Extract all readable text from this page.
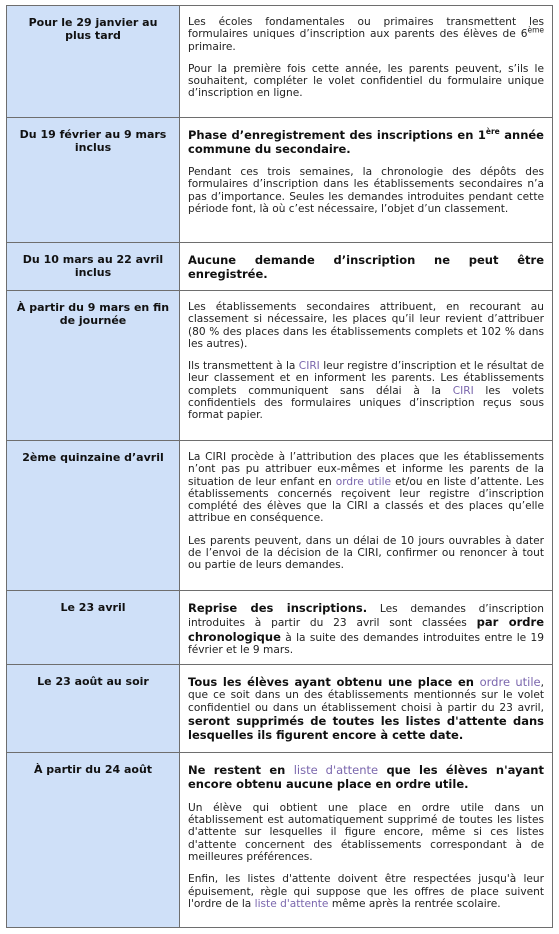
Pour le 29 janvier au plus tard	Les écoles fondamentales ou primaires transmettent les formulaires uniques d’inscription aux parents des élèves de 6ème primaire.

Pour la première fois cette année, les parents peuvent, s’ils le souhaitent, compléter le volet confidentiel du formulaire unique d’inscription en ligne.

Du 19 février au 9 mars inclus	Phase d’enregistrement des inscriptions en 1ère année commune du secondaire.

Pendant ces trois semaines, la chronologie des dépôts des formulaires d’inscription dans les établissements secondaires n’a pas d’importance. Seules les demandes introduites pendant cette période font, là où c’est nécessaire, l’objet d’un classement.

Du 10 mars au 22 avril inclus	Aucune demande d’inscription ne peut être enregistrée.

À partir du 9 mars en fin de journée	Les établissements secondaires attribuent, en recourant au classement si nécessaire, les places qu’il leur revient d’attribuer (80 % des places dans les établissements complets et 102 % dans les autres).

Ils transmettent à la CIRI leur registre d’inscription et le résultat de leur classement et en informent les parents. Les établissements complets communiquent sans délai à la CIRI les volets confidentiels des formulaires uniques d’inscription reçus sous format papier.

2ème quinzaine d’avril	La CIRI procède à l’attribution des places que les établissements n’ont pas pu attribuer eux-mêmes et informe les parents de la situation de leur enfant en ordre utile et/ou en liste d’attente. Les établissements concernés reçoivent leur registre d’inscription complété des élèves que la CIRI a classés et des places qu’elle attribue en conséquence.

Les parents peuvent, dans un délai de 10 jours ouvrables à dater de l’envoi de la décision de la CIRI, confirmer ou renoncer à tout ou partie de leurs demandes.

Le 23 avril	Reprise des inscriptions. Les demandes d’inscription introduites à partir du 23 avril sont classées par ordre chronologique à la suite des demandes introduites entre le 19 février et le 9 mars.

Le 23 août au soir	Tous les élèves ayant obtenu une place en ordre utile, que ce soit dans un des établissements mentionnés sur le volet confidentiel ou dans un établissement choisi à partir du 23 avril, seront supprimés de toutes les listes d'attente dans lesquelles ils figurent encore à cette date.

À partir du 24 août	Ne restent en liste d'attente que les élèves n'ayant encore obtenu aucune place en ordre utile.

Un élève qui obtient une place en ordre utile dans un établissement est automatiquement supprimé de toutes les listes d'attente sur lesquelles il figure encore, même si ces listes d'attente concernent des établissements correspondant à de meilleures préférences.

Enfin, les listes d'attente doivent être respectées jusqu'à leur épuisement, règle qui suppose que les offres de place suivent l'ordre de la liste d'attente même après la rentrée scolaire.
